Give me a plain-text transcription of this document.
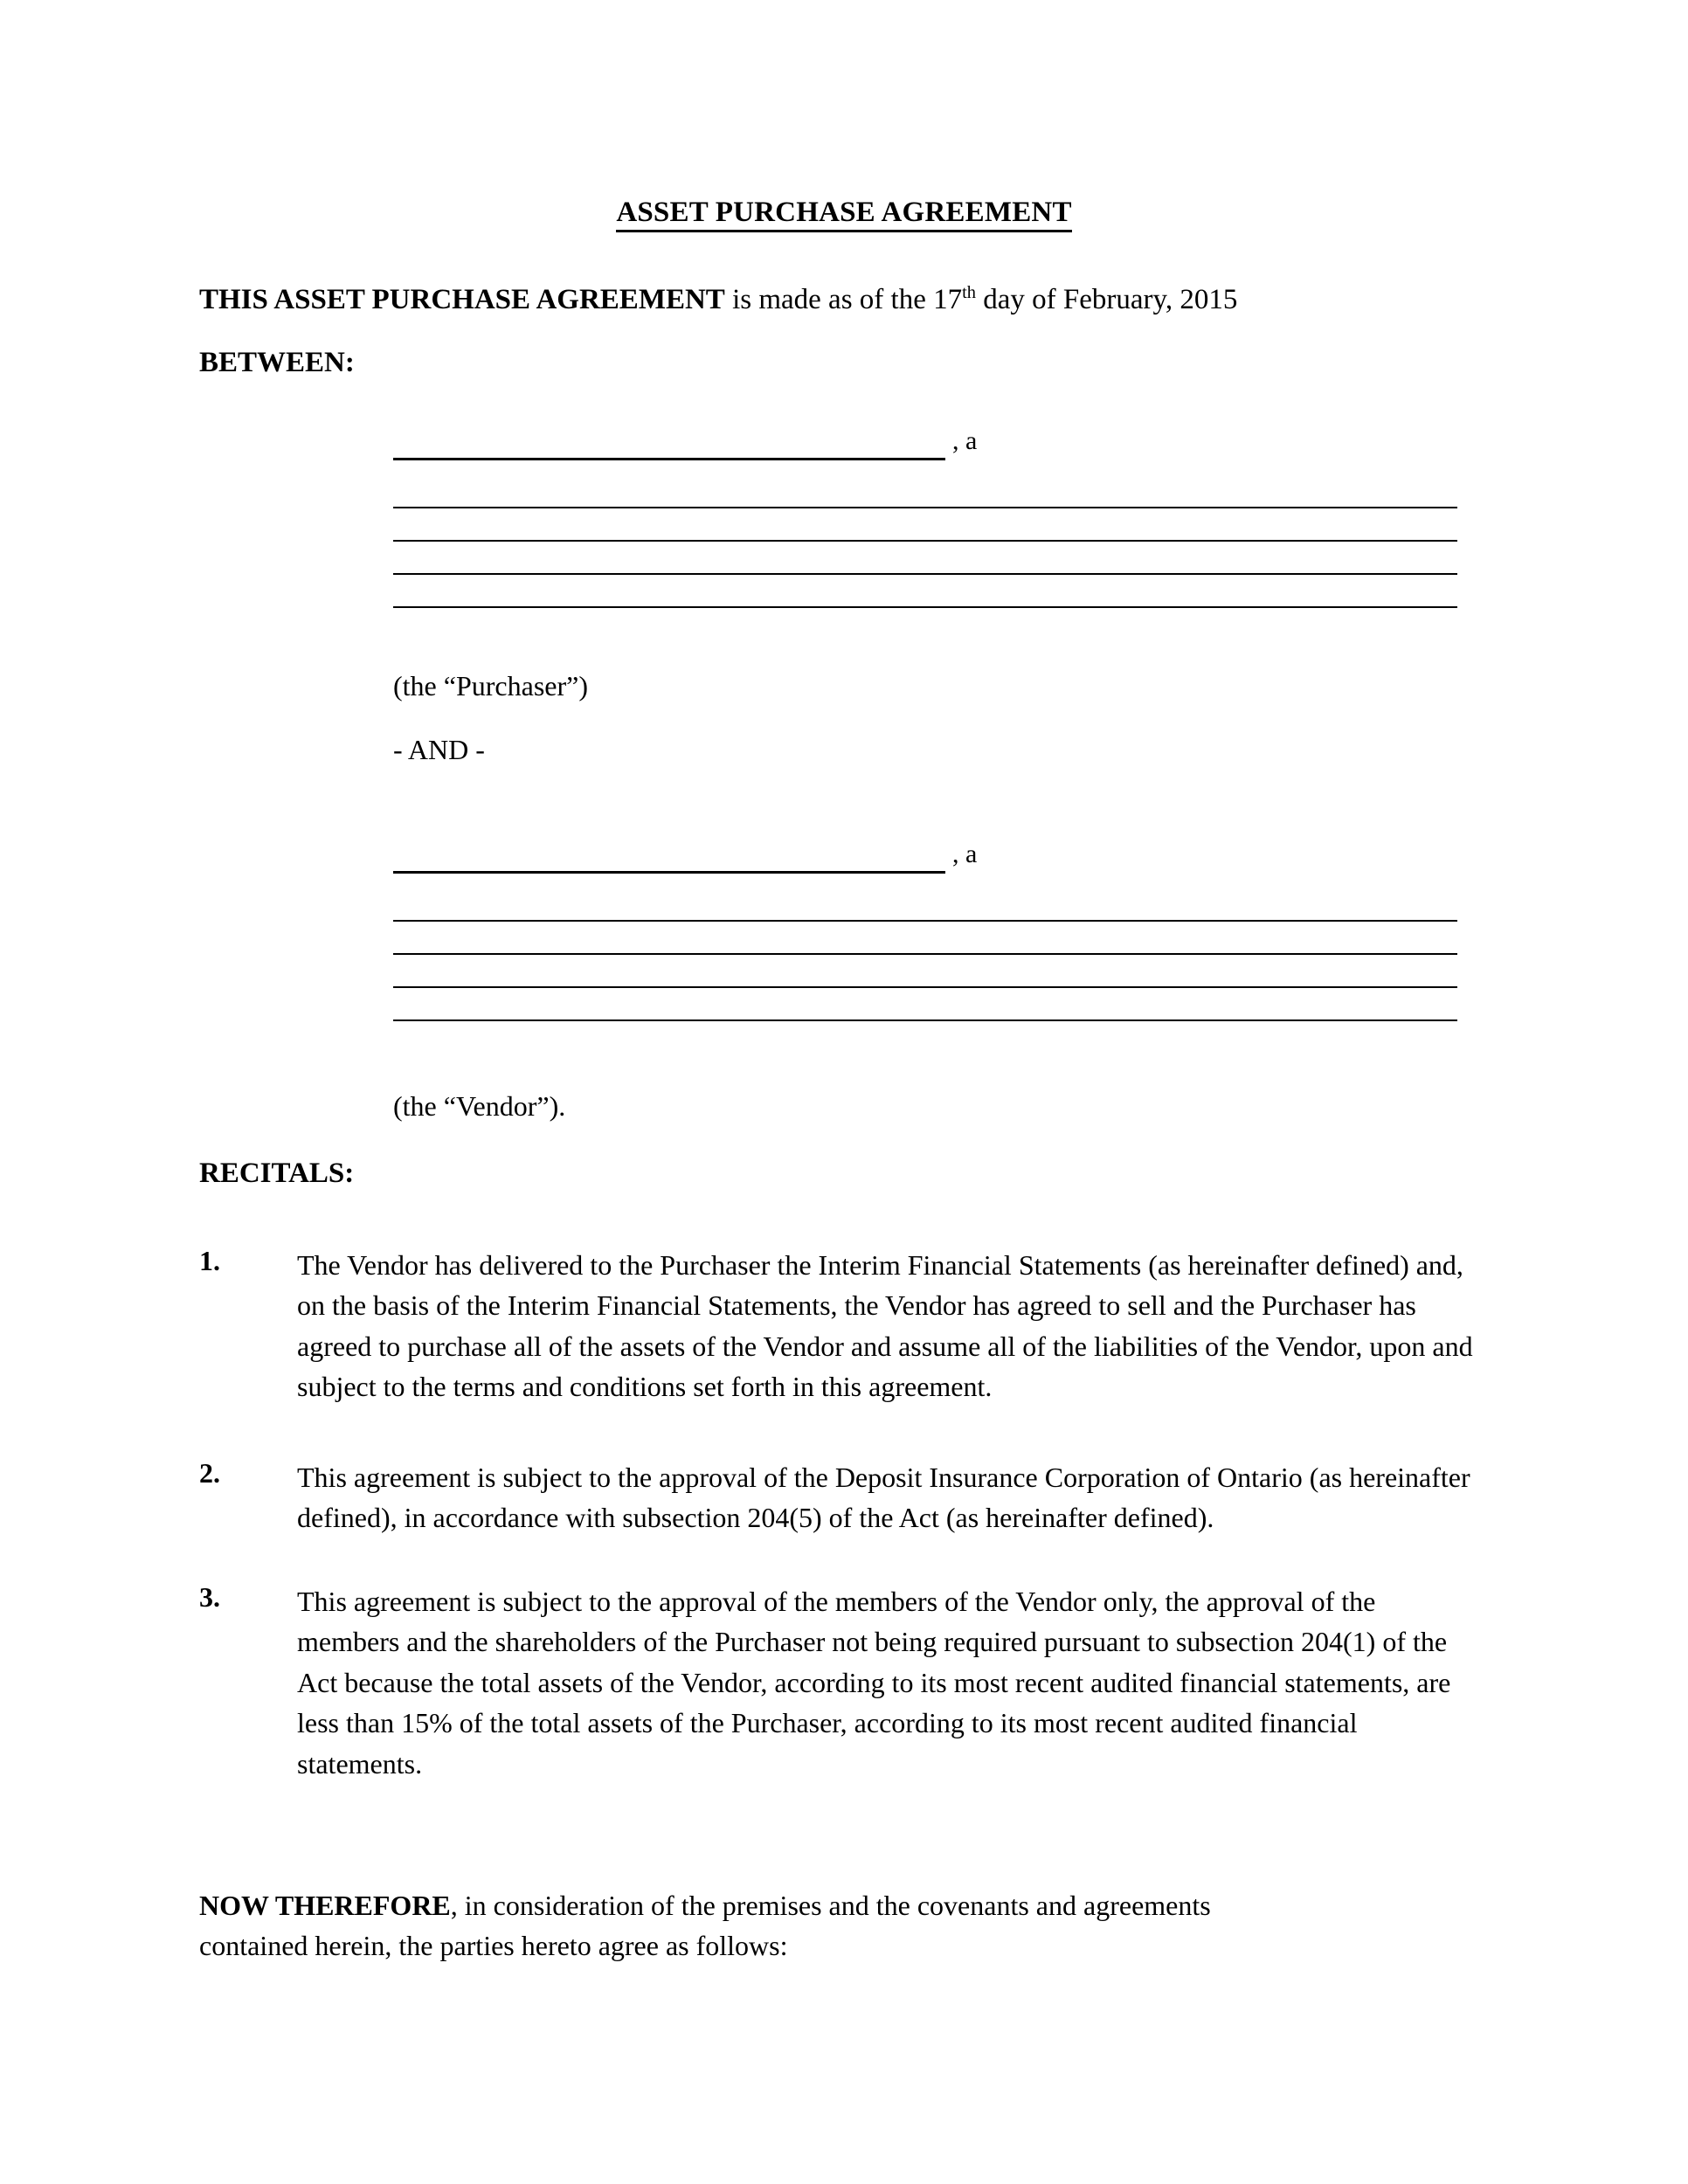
ASSET PURCHASE AGREEMENT
THIS ASSET PURCHASE AGREEMENT is made as of the 17th day of February, 2015
BETWEEN:
, a
(the “Purchaser”)
- AND -
, a
(the “Vendor”).
RECITALS:
1.	The Vendor has delivered to the Purchaser the Interim Financial Statements (as hereinafter defined) and, on the basis of the Interim Financial Statements, the Vendor has agreed to sell and the Purchaser has agreed to purchase all of the assets of the Vendor and assume all of the liabilities of the Vendor, upon and subject to the terms and conditions set forth in this agreement.
2.	This agreement is subject to the approval of the Deposit Insurance Corporation of Ontario (as hereinafter defined), in accordance with subsection 204(5) of the Act (as hereinafter defined).
3.	This agreement is subject to the approval of the members of the Vendor only, the approval of the members and the shareholders of the Purchaser not being required pursuant to subsection 204(1) of the Act because the total assets of the Vendor, according to its most recent audited financial statements, are less than 15% of the total assets of the Purchaser, according to its most recent audited financial statements.
NOW THEREFORE, in consideration of the premises and the covenants and agreements contained herein, the parties hereto agree as follows:
